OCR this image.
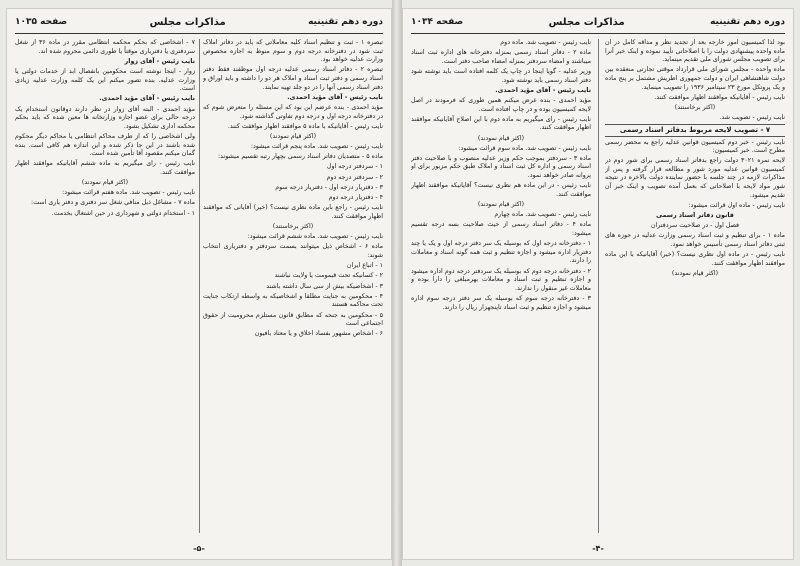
دوره دهم تقنینیه
مذاکرات مجلس
صفحه ۱۰۳۵

تبصره ۱ - ثبت و تنظیم اسناد کلیه معاملاتی که باید در دفاتر املاک ثبت شود در دفترخانه درجه دوم و سوم منوط به اجازه مخصوص وزارت عدلیه خواهد بود.

تبصره ۲ - دفاتر اسناد رسمی عدلیه درجه اول موظفند فقط دفتر اسناد رسمی و دفتر ثبت اسناد و املاک هر دو را داشته و باید اوراق و دفتر اسناد رسمی آنها را در دو جلد تهیه نمایند.

نایب رئیس - آقای مؤید احمدی.

مؤید احمدی - بنده عرضم این بود که این مسئله را متعرض شوم که در دفترخانه درجه اول و درجه دوم تفاوتی گذاشته شود.

نایب رئیس - آقایانیکه با ماده ۵ موافقند اظهار موافقت کنند.

(اکثر قیام نمودند)

نایب رئیس - تصویب شد. ماده پنجم قرائت میشود:

ماده ۵ - متصدیان دفاتر اسناد رسمی بچهار رتبه تقسیم میشوند:

۱ - سردفتر درجه اول

۲ - سردفتر درجه دوم

۳ - دفتریار درجه اول - دفتریار درجه سوم

۴ - دفتریار درجه دوم

نایب رئیس - راجع باین ماده نظری نیست؟ (خیر) آقایانی که موافقند اظهار موافقت کنند.

(اکثر برخاستند)

نایب رئیس - تصویب شد. ماده ششم قرائت میشود:

ماده ۶ - اشخاص ذیل میتوانند بسمت سردفتر و دفتریاری انتخاب شوند:

۱ - اتباع ایران

۲ - کسانیکه تحت قیمومت یا ولایت نباشند

۳ - اشخاصیکه بیش از سی سال داشته باشند

۴ - محکومین به جنایت مطلقا و اشخاصیکه به واسطه ارتکاب جنایت تحت محاکمه هستند

۵ - محکومین به جنحه که مطابق قانون مستلزم محرومیت از حقوق اجتماعی است

۶ - اشخاص مشهور بفساد اخلاق و یا معتاد بافیون

۷ - اشخاصی که بحکم محکمه انتظامی مقرر در ماده ۳۶ از شغل سردفتری یا دفتریاری موقتاً یا طوری دائمی محروم شده اند.

نایب رئیس - آقای زوار

زوار - اینجا نوشته است محکومین بانفصال ابد از خدمات دولتی یا وزارت عدلیه. بنده تصور میکنم این یک کلمه وزارت عدلیه زیادی است.

نایب رئیس - آقای مؤید احمدی.

مؤید احمدی - البته آقای زوار در نظر دارند دوقانون استخدام یک درجه حالی برای عضو اجازه وزارتخانه ها معین شده که باید بحکم محکمه اداری تشکیل بشود.

ولی اشخاصی را که از طرف محاکم انتظامی یا محاکم دیگر محکوم شده باشند در این جا ذکر شده و این اندازه هم کافی است. بنده گمان میکنم مقصود آقا تأمین شده است.

نایب رئیس - رای میگیریم به ماده ششم آقایانیکه موافقند اظهار موافقت کنند.

(اکثر قیام نمودند)

نایب رئیس - تصویب شد. ماده هفتم قرائت میشود:

ماده ۷ - مشاغل ذیل منافی شغل سر دفتری و دفتر یاری است:

۱ - استخدام دولتی و شهرداری در حین اشتغال بخدمت.

-۵-
دوره دهم تقنینیه
مذاکرات مجلس
صفحه ۱۰۳۴

بود لذا کمیسیون امور خارجه بعد از تجدید نظر و مداقه کامل در آن ماده واحده پیشنهادی دولت را با اصلاحاتی تأیید نموده و اینک خبر آنرا برای تصویب مجلس شورای ملی تقدیم مینماید.

ماده واحده - مجلس شورای ملی قرارداد موقتی تجارتی منعقده بین دولت شاهنشاهی ایران و دولت جمهوری اطریش مشتمل بر پنج ماده و یک پروتکل مورخ ۲۳ سپتامبر ۱۹۳۶ را تصویب مینماید.

نایب رئیس - آقایانیکه موافقند اظهار موافقت کنند.

(اکثر برخاستند)

نایب رئیس - تصویب شد.

۷ - تصویب لایحه مربوط بدفاتر اسناد رسمی

نایب رئیس - خبر دوم کمیسیون قوانین عدلیه راجع به محضر رسمی مطرح است. خبر کمیسیون:

لایحه نمره ۳۰۲۱ دولت راجع بدفاتر اسناد رسمی برای شور دوم در کمیسیون قوانین عدلیه مورد شور و مطالعه قرار گرفته و پس از مذاکرات لازمه در چند جلسه با حضور نماینده دولت بالاخره در نتیجه شور مواد لایحه با اصلاحاتی که بعمل آمده تصویب و اینک خبر آن تقدیم میشود.

نایب رئیس - ماده اول قرائت میشود:

قانون دفاتر اسناد رسمی

فصل اول - در صلاحیت سردفتران

ماده ۱ - برای تنظیم و ثبت اسناد رسمی وزارت عدلیه در حوزه های ثبتی دفاتر اسناد رسمی تأسیس خواهد نمود.

نایب رئیس - در ماده اول نظری نیست؟ (خیر) آقایانیکه با این ماده موافقند اظهار موافقت کنند.

(اکثر قیام نمودند)

نایب رئیس - تصویب شد. ماده دوم

ماده ۲ - دفاتر اسناد رسمی بمنزله دفترخانه های اداره ثبت اسناد میباشند و امضاء سردفتر بمنزله امضاء صاحب دفتر است.

وزیر عدلیه - گویا اینجا در چاپ یک کلمه افتاده است باید نوشته شود دفتر اسناد رسمی باید نوشته شود.

نایب رئیس - آقای مؤید احمدی.

مؤید احمدی - بنده عرض میکنم همین طوری که فرمودند در اصل لایحه کمیسیون بوده و در چاپ افتاده است.

نایب رئیس - رای میگیریم به ماده دوم با این اصلاح آقایانیکه موافقند اظهار موافقت کنند.

(اکثر قیام نمودند)

نایب رئیس - تصویب شد. ماده سوم قرائت میشود:

ماده ۳ - سردفتر بموجب حکم وزیر عدلیه منصوب و با صلاحیت دفتر اسناد رسمی و اداره کل ثبت اسناد و املاک طبق حکم مزبور برای او پروانه صادر خواهد نمود.

نایب رئیس - در این ماده هم نظری نیست؟ آقایانیکه موافقند اظهار موافقت کنند.

(اکثر قیام نمودند)

نایب رئیس - تصویب شد. ماده چهارم

ماده ۴ - دفاتر اسناد رسمی از حیث صلاحیت بسه درجه تقسیم میشود:

۱ - دفترخانه درجه اول که بوسیله یک سر دفتر درجه اول و یک یا چند دفتریار اداره میشود و اجازه تنظیم و ثبت همه گونه اسناد و معاملات را دارند.

۲ - دفترخانه درجه دوم که بوسیله یک سردفتر درجه دوم اداره میشود و اجازه تنظیم و ثبت اسناد و معاملات بهرمبلغی را دارا بوده و معاملات غیر منقول را ندارند.

۳ - دفترخانه درجه سوم که بوسیله یک سر دفتر درجه سوم اداره میشود و اجازه تنظیم و ثبت اسناد تاپنجهزار ریال را دارند.

-۴-
